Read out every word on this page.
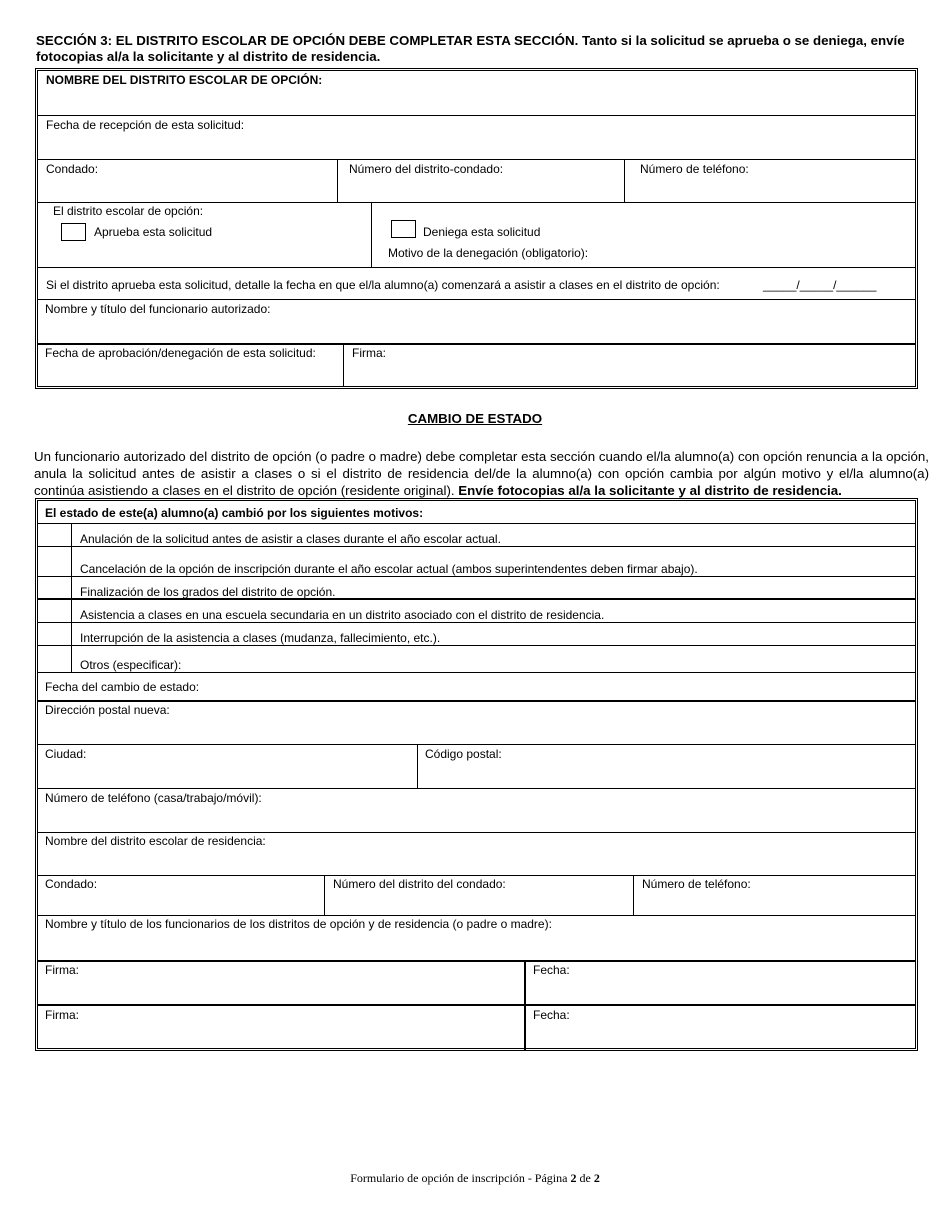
SECCIÓN 3: EL DISTRITO ESCOLAR DE OPCIÓN DEBE COMPLETAR ESTA SECCIÓN. Tanto si la solicitud se aprueba o se deniega, envíe fotocopias al/a la solicitante y al distrito de residencia.
NOMBRE DEL DISTRITO ESCOLAR DE OPCIÓN:
Fecha de recepción de esta solicitud:
Condado:	Número del distrito-condado:	Número de teléfono:
El distrito escolar de opción:
Aprueba esta solicitud	Deniega esta solicitud
Motivo de la denegación (obligatorio):
Si el distrito aprueba esta solicitud, detalle la fecha en que el/la alumno(a) comenzará a asistir a clases en el distrito de opción:	_____/_____/______
Nombre y título del funcionario autorizado:
Fecha de aprobación/denegación de esta solicitud:	Firma:
CAMBIO DE ESTADO
Un funcionario autorizado del distrito de opción (o padre o madre) debe completar esta sección cuando el/la alumno(a) con opción renuncia a la opción, anula la solicitud antes de asistir a clases o si el distrito de residencia del/de la alumno(a) con opción cambia por algún motivo y el/la alumno(a) continúa asistiendo a clases en el distrito de opción (residente original). Envíe fotocopias al/a la solicitante y al distrito de residencia.
El estado de este(a) alumno(a) cambió por los siguientes motivos:
Anulación de la solicitud antes de asistir a clases durante el año escolar actual.
Cancelación de la opción de inscripción durante el año escolar actual (ambos superintendentes deben firmar abajo).
Finalización de los grados del distrito de opción.
Asistencia a clases en una escuela secundaria en un distrito asociado con el distrito de residencia.
Interrupción de la asistencia a clases (mudanza, fallecimiento, etc.).
Otros (especificar):
Fecha del cambio de estado:
Dirección postal nueva:
Ciudad:	Código postal:
Número de teléfono (casa/trabajo/móvil):
Nombre del distrito escolar de residencia:
Condado:	Número del distrito del condado:	Número de teléfono:
Nombre y título de los funcionarios de los distritos de opción y de residencia (o padre o madre):
Firma:	Fecha:
Firma:	Fecha:
Formulario de opción de inscripción - Página 2 de 2
